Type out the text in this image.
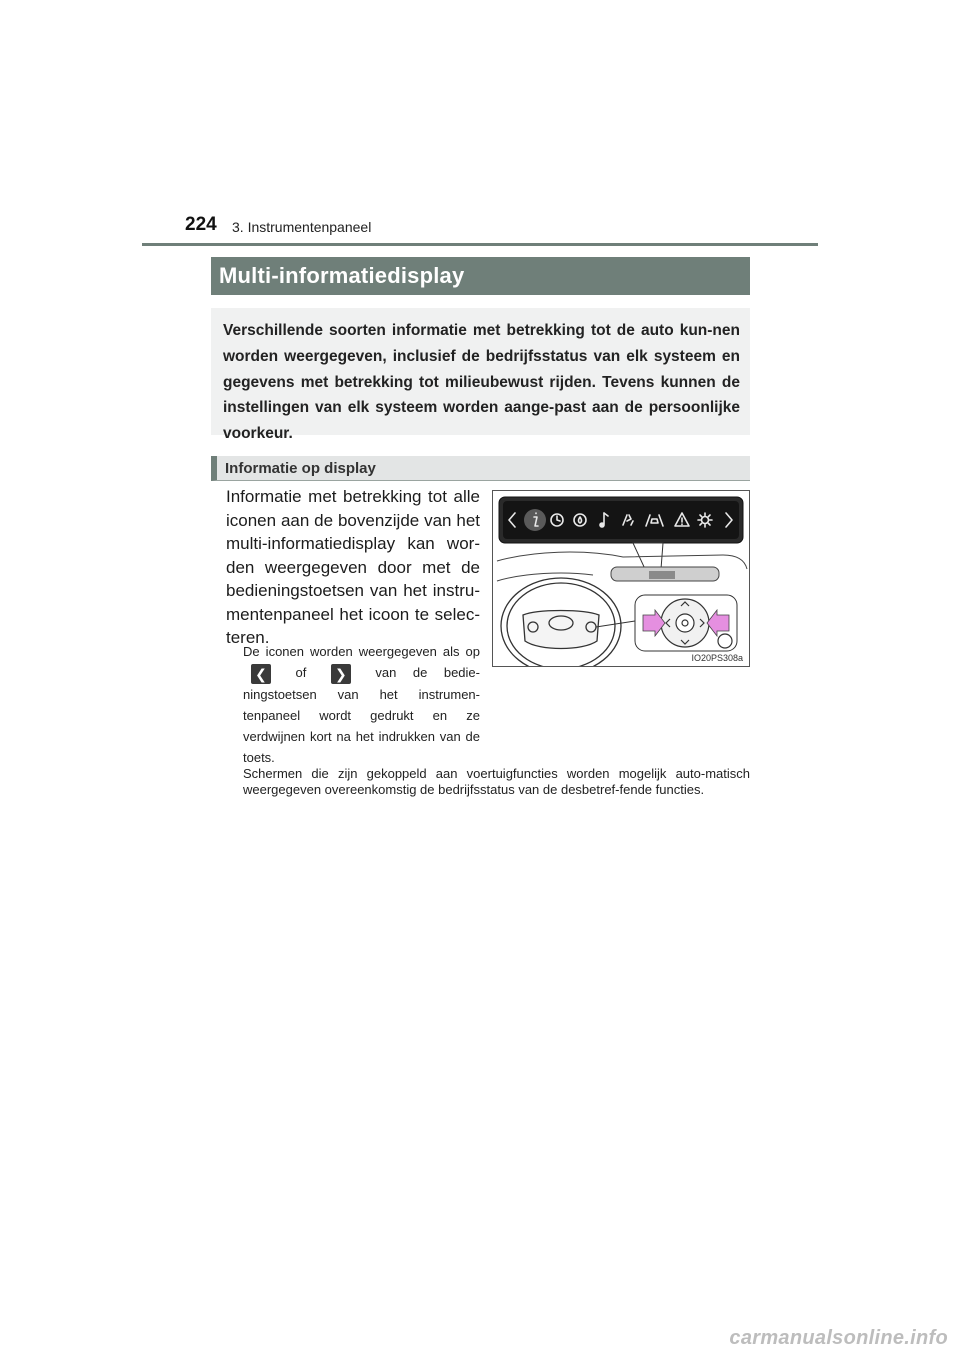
224 3. Instrumentenpaneel
Multi-informatiedisplay

Verschillende soorten informatie met betrekking tot de auto kun-nen worden weergegeven, inclusief de bedrijfsstatus van elk systeem en gegevens met betrekking tot milieubewust rijden. Tevens kunnen de instellingen van elk systeem worden aange-past aan de persoonlijke voorkeur.

Informatie op display

Informatie met betrekking tot alle iconen aan de bovenzijde van het multi-informatiedisplay kan wor-den weergegeven door met de bedieningstoetsen van het instru-mentenpaneel het icoon te selec-teren.

De iconen worden weergegeven als op ❮ of ❯ van de bedie-ningstoetsen van het instrumen-tenpaneel wordt gedrukt en ze verdwijnen kort na het indrukken van de toets.

Schermen die zijn gekoppeld aan voertuigfuncties worden mogelijk auto-matisch weergegeven overeenkomstig de bedrijfsstatus van de desbetref-fende functies.

IO20PS308a
carmanualsonline.info
